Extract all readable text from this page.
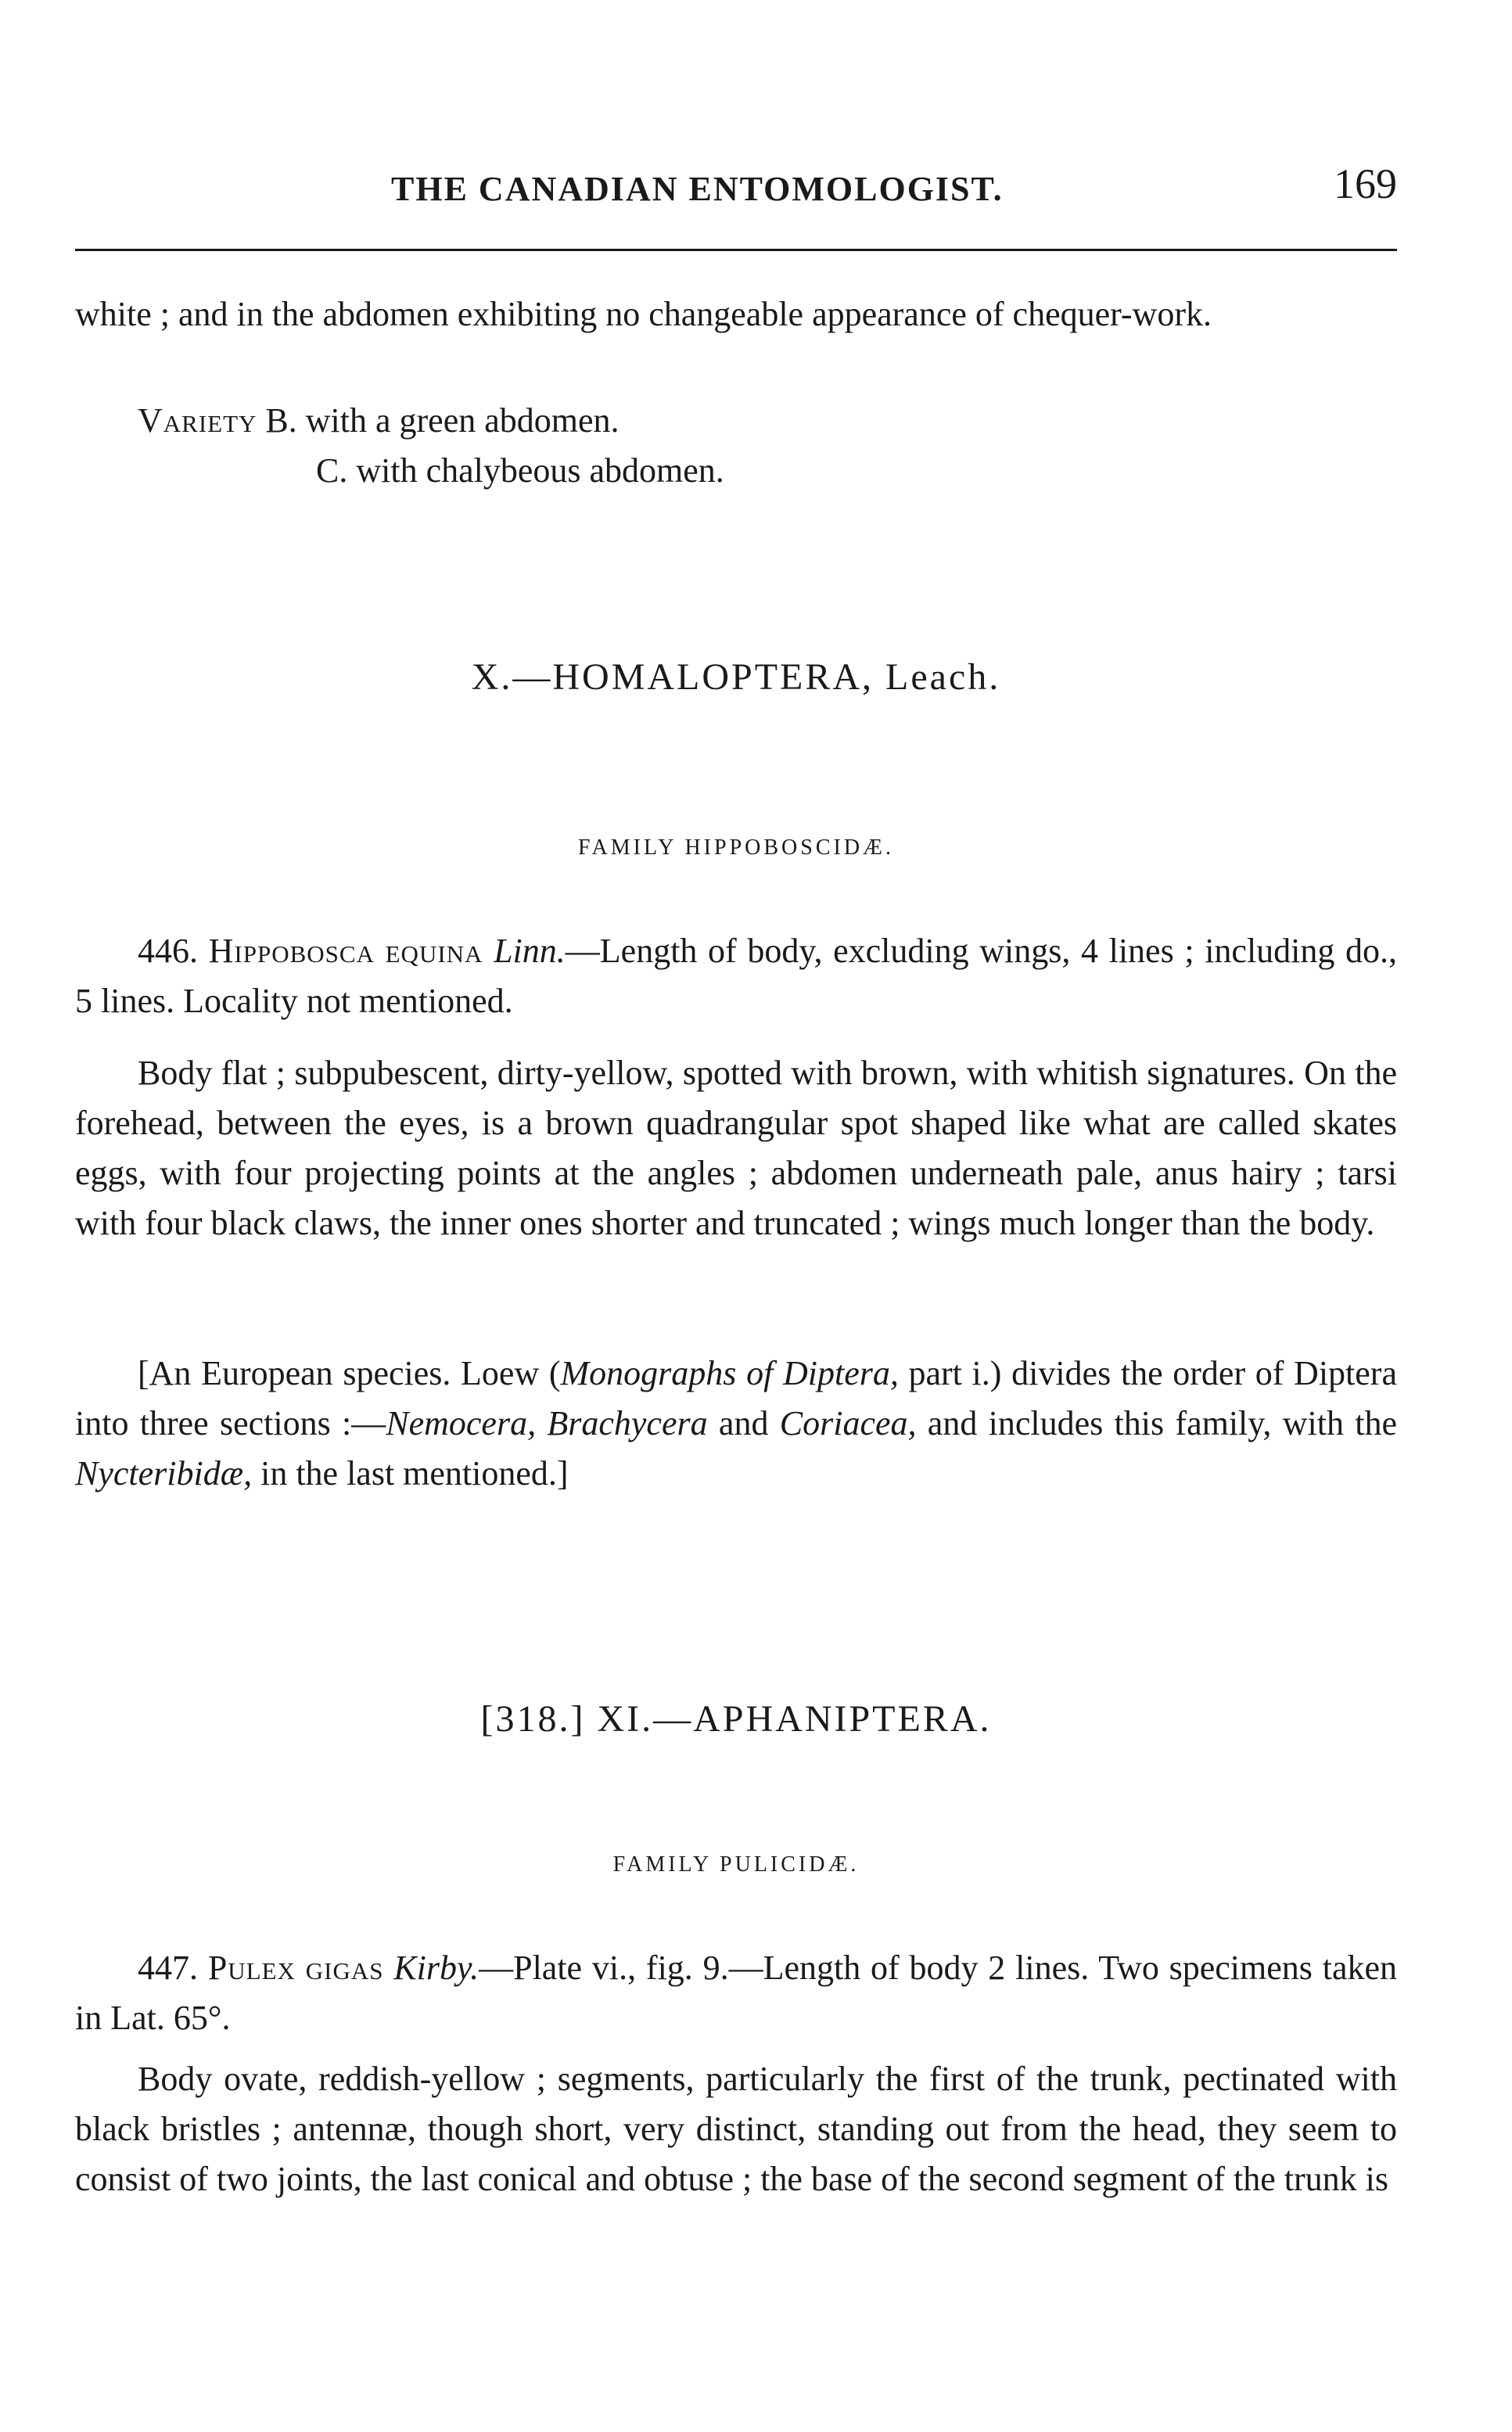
THE CANADIAN ENTOMOLOGIST.	169
white ; and in the abdomen exhibiting no changeable appearance of chequer-work.
Variety B. with a green abdomen.
C. with chalybeous abdomen.
X.—HOMALOPTERA, Leach.
FAMILY HIPPOBOSCIDÆ.
446. Hippobosca equina Linn.—Length of body, excluding wings, 4 lines ; including do., 5 lines. Locality not mentioned.
Body flat ; subpubescent, dirty-yellow, spotted with brown, with whitish signatures. On the forehead, between the eyes, is a brown quadrangular spot shaped like what are called skates eggs, with four projecting points at the angles ; abdomen underneath pale, anus hairy ; tarsi with four black claws, the inner ones shorter and truncated ; wings much longer than the body.
[An European species. Loew (Monographs of Diptera, part i.) divides the order of Diptera into three sections :—Nemocera, Brachycera and Coriacea, and includes this family, with the Nycteribidæ, in the last mentioned.]
[318.] XI.—APHANIPTERA.
FAMILY PULICIDÆ.
447. Pulex gigas Kirby.—Plate vi., fig. 9.—Length of body 2 lines. Two specimens taken in Lat. 65°.
Body ovate, reddish-yellow ; segments, particularly the first of the trunk, pectinated with black bristles ; antennæ, though short, very distinct, standing out from the head, they seem to consist of two joints, the last conical and obtuse ; the base of the second segment of the trunk is
